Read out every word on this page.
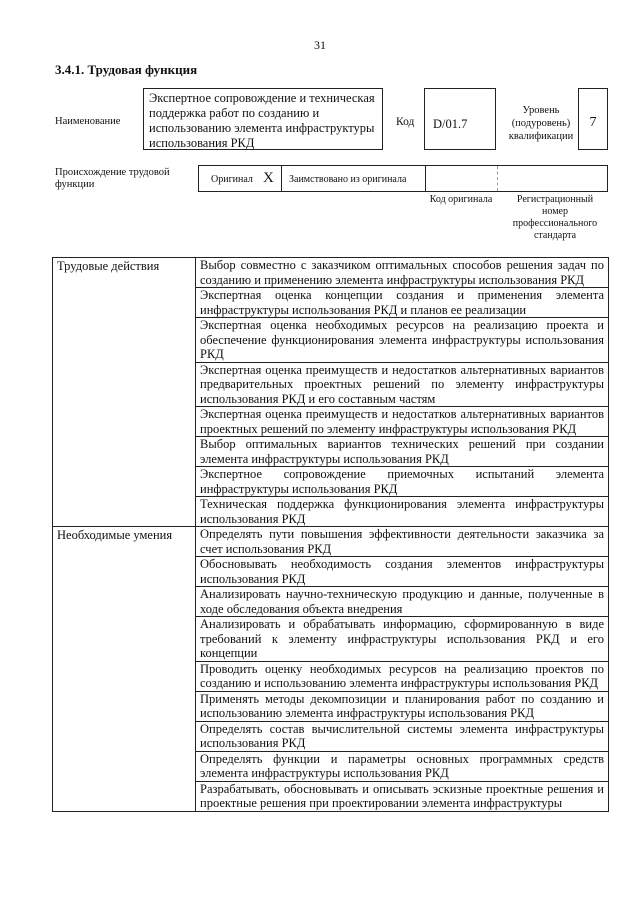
31
3.4.1. Трудовая функция
Наименование
Экспертное сопровождение и техническая поддержка работ по созданию и использованию элемента инфраструктуры использования РКД
Код	D/01.7
Уровень (подуровень) квалификации
7
Происхождение трудовой функции	Оригинал X Заимствовано из оригинала
Код оригинала	Регистрационный номер профессионального стандарта
Трудовые действия	Выбор совместно с заказчиком оптимальных способов решения задач по созданию и применению элемента инфраструктуры использования РКД
	Экспертная оценка концепции создания и применения элемента инфраструктуры использования РКД и планов ее реализации
	Экспертная оценка необходимых ресурсов на реализацию проекта и обеспечение функционирования элемента инфраструктуры использования РКД
	Экспертная оценка преимуществ и недостатков альтернативных вариантов предварительных проектных решений по элементу инфраструктуры использования РКД и его составным частям
	Экспертная оценка преимуществ и недостатков альтернативных вариантов проектных решений по элементу инфраструктуры использования РКД
	Выбор оптимальных вариантов технических решений при создании элемента инфраструктуры использования РКД
	Экспертное сопровождение приемочных испытаний элемента инфраструктуры использования РКД
	Техническая поддержка функционирования элемента инфраструктуры использования РКД
Необходимые умения	Определять пути повышения эффективности деятельности заказчика за счет использования РКД
	Обосновывать необходимость создания элементов инфраструктуры использования РКД
	Анализировать научно-техническую продукцию и данные, полученные в ходе обследования объекта внедрения
	Анализировать и обрабатывать информацию, сформированную в виде требований к элементу инфраструктуры использования РКД и его концепции
	Проводить оценку необходимых ресурсов на реализацию проектов по созданию и использованию элемента инфраструктуры использования РКД
	Применять методы декомпозиции и планирования работ по созданию и использованию элемента инфраструктуры использования РКД
	Определять состав вычислительной системы элемента инфраструктуры использования РКД
	Определять функции и параметры основных программных средств элемента инфраструктуры использования РКД
	Разрабатывать, обосновывать и описывать эскизные проектные решения и проектные решения при проектировании элемента инфраструктуры
